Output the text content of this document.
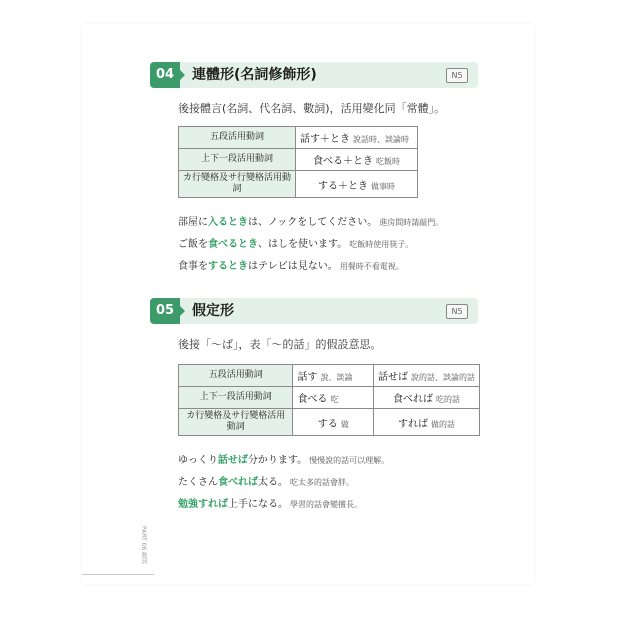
04	連體形(名詞修飾形)	N5
後接體言(名詞、代名詞、數詞)，活用變化同「常體」。
五段活用動詞	話す＋とき 說話時、談論時
上下一段活用動詞	食べる＋とき 吃飯時
カ行變格及サ行變格活用動詞	する＋とき 做事時
部屋に入るときは、ノックをしてください。 進房間時請敲門。
ご飯を食べるとき、はしを使います。 吃飯時使用筷子。
食事をするときはテレビは見ない。 用餐時不看電視。
05	假定形	N5
後接「～ば」，表「～的話」的假設意思。
五段活用動詞	話す 說、談論	話せば 說的話、談論的話
上下一段活用動詞	食べる 吃	食べれば 吃的話
カ行變格及サ行變格活用動詞	する 做	すれば 做的話
ゆっくり話せば分かります。 慢慢說的話可以理解。
たくさん食べれば太る。 吃太多的話會胖。
勉強すれば上手になる。 學習的話會變擅長。
PART 06 動詞
